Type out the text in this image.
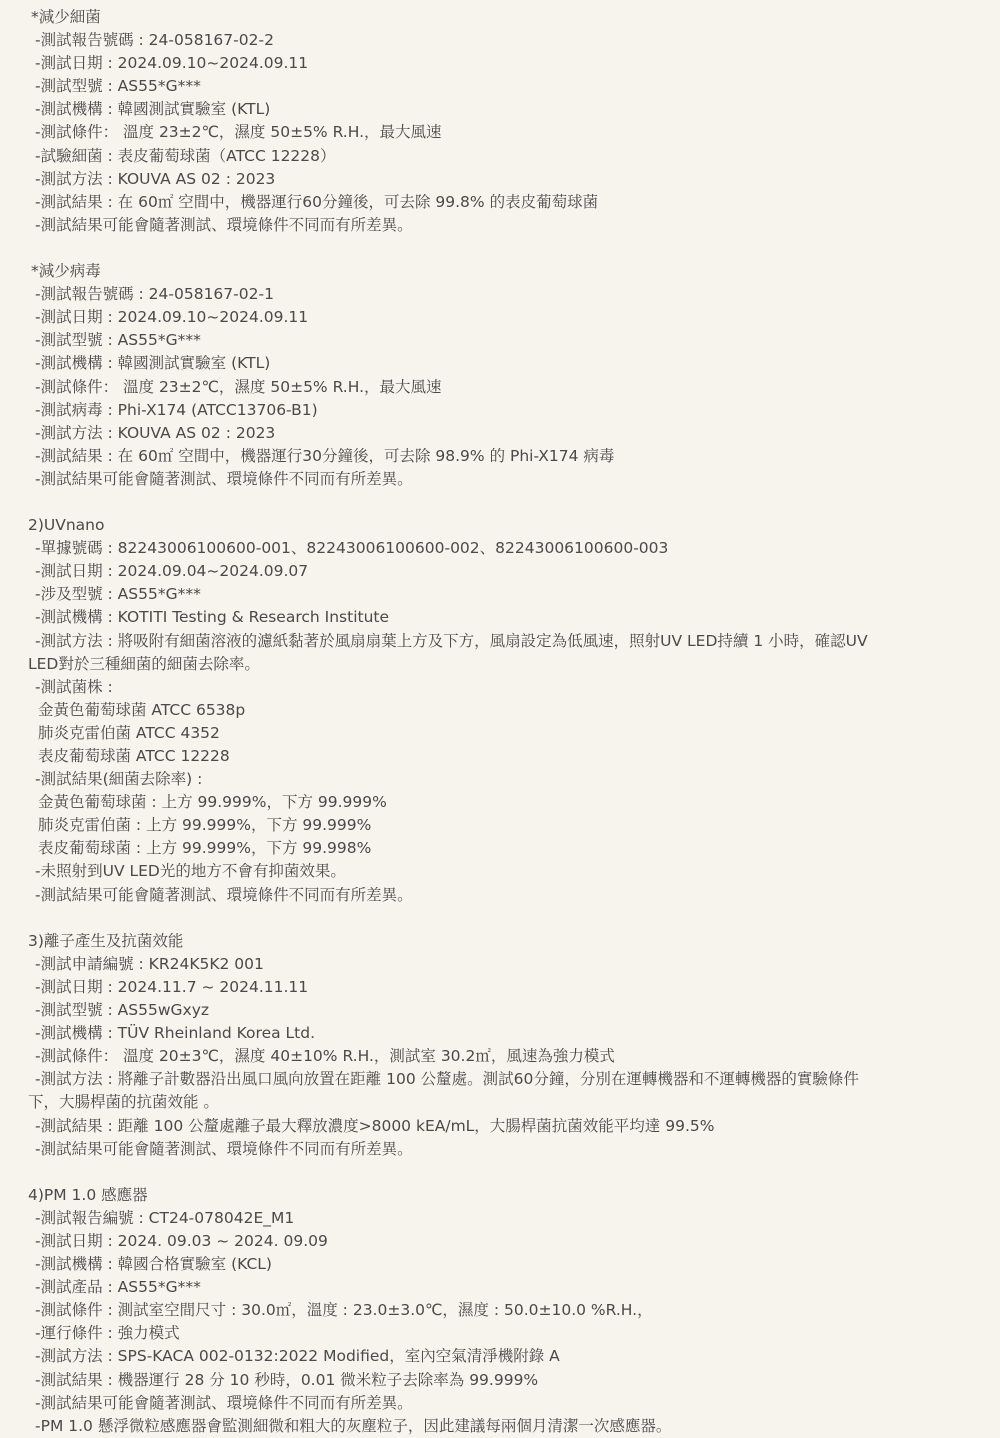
*減少細菌
-測試報告號碼 : 24-058167-02-2
-測試日期 : 2024.09.10~2024.09.11
-測試型號 : AS55*G***
-測試機構 : 韓國測試實驗室 (KTL)
-測試條件： 溫度 23±2℃，濕度 50±5% R.H.，最大風速
-試驗細菌 : 表皮葡萄球菌（ATCC 12228）
-測試方法 : KOUVA AS 02 : 2023
-測試結果 : 在 60㎡ 空間中，機器運行60分鐘後，可去除 99.8% 的表皮葡萄球菌
-測試結果可能會隨著測試、環境條件不同而有所差異。
*減少病毒
-測試報告號碼 : 24-058167-02-1
-測試日期 : 2024.09.10~2024.09.11
-測試型號 : AS55*G***
-測試機構 : 韓國測試實驗室 (KTL)
-測試條件： 溫度 23±2℃，濕度 50±5% R.H.，最大風速
-測試病毒 : Phi-X174 (ATCC13706-B1)
-測試方法 : KOUVA AS 02 : 2023
-測試結果 : 在 60㎡ 空間中，機器運行30分鐘後，可去除 98.9% 的 Phi-X174 病毒
-測試結果可能會隨著測試、環境條件不同而有所差異。
2)UVnano
-單據號碼 : 82243006100600-001、82243006100600-002、82243006100600-003
-測試日期 : 2024.09.04~2024.09.07
-涉及型號 : AS55*G***
-測試機構 : KOTITI Testing & Research Institute
-測試方法 : 將吸附有細菌溶液的濾紙黏著於風扇扇葉上方及下方，風扇設定為低風速，照射UV LED持續 1 小時，確認UV
LED對於三種細菌的細菌去除率。
-測試菌株 :
金黃色葡萄球菌 ATCC 6538p
肺炎克雷伯菌 ATCC 4352
表皮葡萄球菌 ATCC 12228
-測試結果(細菌去除率) :
金黃色葡萄球菌 : 上方 99.999%，下方 99.999%
肺炎克雷伯菌 : 上方 99.999%，下方 99.999%
表皮葡萄球菌 : 上方 99.999%，下方 99.998%
-未照射到UV LED光的地方不會有抑菌效果。
-測試結果可能會隨著測試、環境條件不同而有所差異。
3)離子產生及抗菌效能
-測試申請編號 : KR24K5K2 001
-測試日期 : 2024.11.7 ~ 2024.11.11
-測試型號 : AS55wGxyz
-測試機構 : TÜV Rheinland Korea Ltd.
-測試條件： 溫度 20±3℃，濕度 40±10% R.H.，測試室 30.2㎡，風速為強力模式
-測試方法 : 將離子計數器沿出風口風向放置在距離 100 公釐處。測試60分鐘，分別在運轉機器和不運轉機器的實驗條件
下，大腸桿菌的抗菌效能 。
-測試結果 : 距離 100 公釐處離子最大釋放濃度>8000 kEA/mL，大腸桿菌抗菌效能平均達 99.5%
-測試結果可能會隨著測試、環境條件不同而有所差異。
4)PM 1.0 感應器
-測試報告編號 : CT24-078042E_M1
-測試日期 : 2024. 09.03 ~ 2024. 09.09
-測試機構 : 韓國合格實驗室 (KCL)
-測試產品 : AS55*G***
-測試條件 : 測試室空間尺寸 : 30.0㎡，溫度 : 23.0±3.0℃，濕度 : 50.0±10.0 %R.H.，
-運行條件 : 強力模式
-測試方法 : SPS-KACA 002-0132:2022 Modified，室內空氣清淨機附錄 A
-測試結果 : 機器運行 28 分 10 秒時，0.01 微米粒子去除率為 99.999%
-測試結果可能會隨著測試、環境條件不同而有所差異。
-PM 1.0 懸浮微粒感應器會監測細微和粗大的灰塵粒子，因此建議每兩個月清潔一次感應器。
